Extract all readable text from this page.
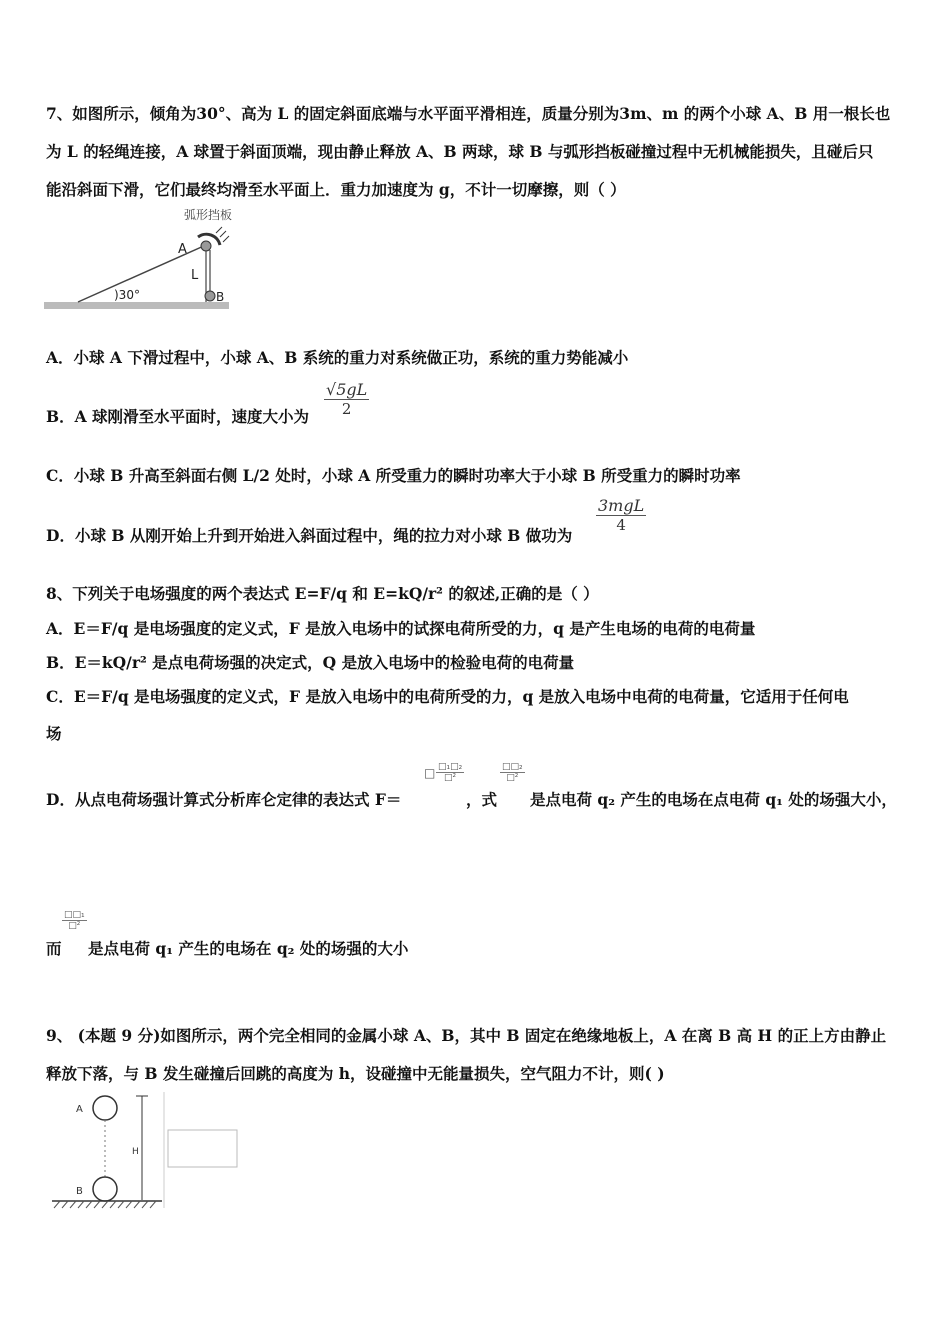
7、如图所示，倾角为30°、高为 L 的固定斜面底端与水平面平滑相连，质量分别为3m、m 的两个小球 A、B 用一根长也
为 L 的轻绳连接，A 球置于斜面顶端，现由静止释放 A、B 两球，球 B 与弧形挡板碰撞过程中无机械能损失，且碰后只
能沿斜面下滑，它们最终均滑至水平面上．重力加速度为 g，不计一切摩擦，则（ ）
弧形挡板
A
L
B
)30°
A．小球 A 下滑过程中，小球 A、B 系统的重力对系统做正功，系统的重力势能减小
B．A 球刚滑至水平面时，速度大小为 $\frac{√5gL}{2}$
C．小球 B 升高至斜面右侧 L/2 处时，小球 A 所受重力的瞬时功率大于小球 B 所受重力的瞬时功率
D．小球 B 从刚开始上升到开始进入斜面过程中，绳的拉力对小球 B 做功为
3mgL
4
8、下列关于电场强度的两个表达式 E=F/q 和 E=kQ/r² 的叙述,正确的是（ ）
A．E＝F/q 是电场强度的定义式，F 是放入电场中的试探电荷所受的力，q 是产生电场的电荷的电荷量
B．E＝kQ/r² 是点电荷场强的决定式，Q 是放入电场中的检验电荷的电荷量
C．E＝F/q 是电场强度的定义式，F 是放入电场中的电荷所受的力，q 是放入电场中电荷的电荷量，它适用于任何电
场
D．从点电荷场强计算式分析库仑定律的表达式 F＝
□ □₁□₂
□²
，式
□□₂
□²
是点电荷 q₂ 产生的电场在点电荷 q₁ 处的场强大小，
而
□□₁
□²
是点电荷 q₁ 产生的电场在 q₂ 处的场强的大小
9、 (本题 9 分)如图所示，两个完全相同的金属小球 A、B，其中 B 固定在绝缘地板上，A 在离 B 高 H 的正上方由静止
释放下落，与 B 发生碰撞后回跳的高度为 h，设碰撞中无能量损失，空气阻力不计，则( )
A
B
H
